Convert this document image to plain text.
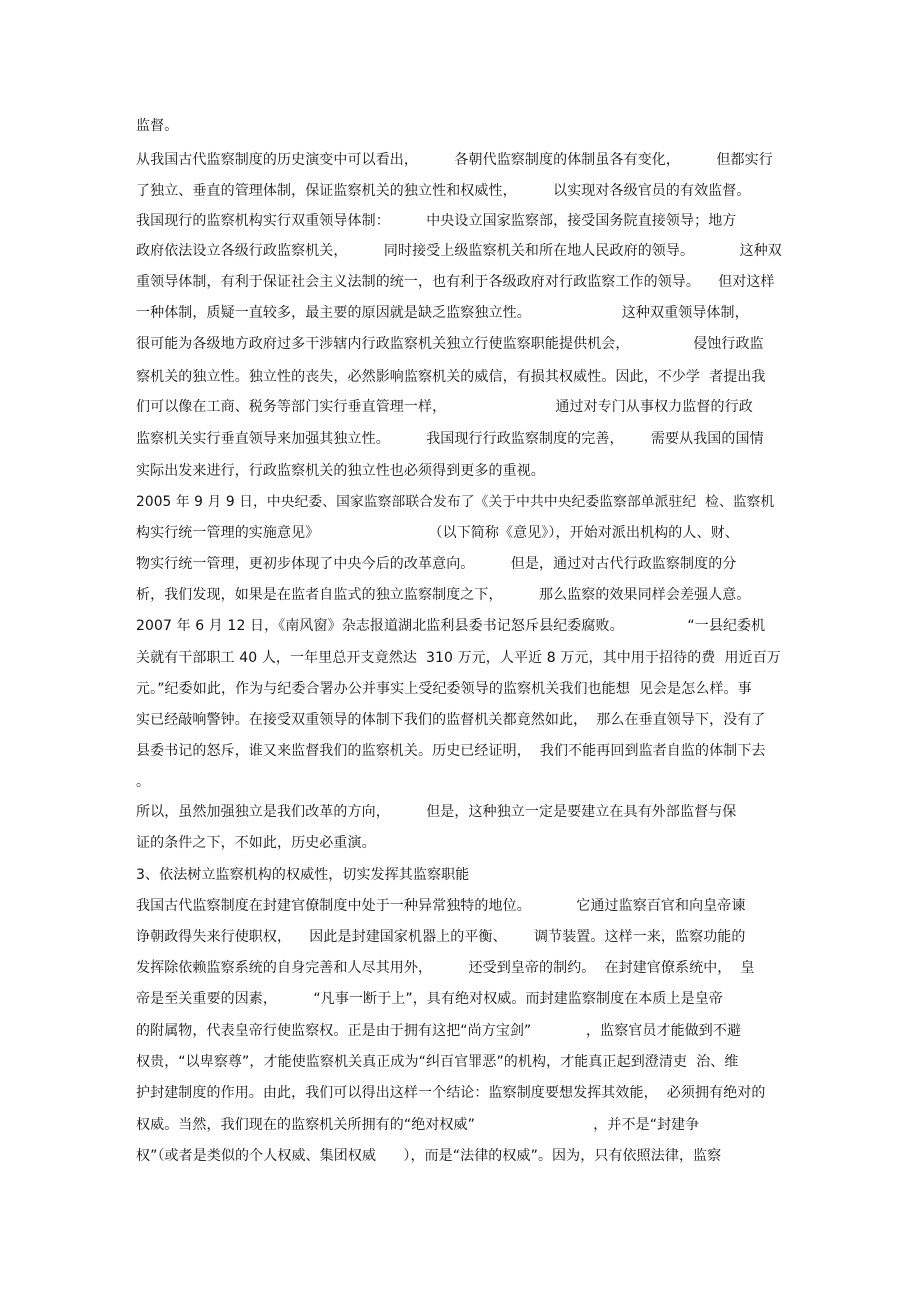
监督。
从我国古代监察制度的历史演变中可以看出，        各朝代监察制度的体制虽各有变化，        但都实行
了独立、垂直的管理体制，保证监察机关的独立性和权威性，        以实现对各级官员的有效监督。
我国现行的监察机构实行双重领导体制：        中央设立国家监察部，接受国务院直接领导；地方
政府依法设立各级行政监察机关，        同时接受上级监察机关和所在地人民政府的领导。          这种双
重领导体制，有利于保证社会主义法制的统一，也有利于各级政府对行政监察工作的领导。    但对这样
一种体制，质疑一直较多，最主要的原因就是缺乏监察独立性。                    这种双重领导体制，
很可能为各级地方政府过多干涉辖内行政监察机关独立行使监察职能提供机会，              侵蚀行政监
察机关的独立性。独立性的丧失，必然影响监察机关的威信，有损其权威性。因此，不少学  者提出我
们可以像在工商、税务等部门实行垂直管理一样，                        通过对专门从事权力监督的行政
监察机关实行垂直领导来加强其独立性。        我国现行行政监察制度的完善，      需要从我国的国情
实际出发来进行，行政监察机关的独立性也必须得到更多的重视。
2005 年 9 月 9 日，中央纪委、国家监察部联合发布了《关于中共中央纪委监察部单派驻纪  检、监察机
构实行统一管理的实施意见》                        （以下简称《意见》），开始对派出机构的人、财、
物实行统一管理，更初步体现了中央今后的改革意向。        但是，通过对古代行政监察制度的分
析，我们发现，如果是在监者自监式的独立监察制度之下，        那么监察的效果同样会差强人意。
2007 年 6 月 12 日，《南风窗》杂志报道湖北监利县委书记怒斥县纪委腐败。              “一县纪委机
关就有干部职工 40 人，一年里总开支竟然达  310 万元，人平近 8 万元，其中用于招待的费  用近百万
元。”纪委如此，作为与纪委合署办公并事实上受纪委领导的监察机关我们也能想  见会是怎么样。事
实已经敲响警钟。在接受双重领导的体制下我们的监督机关都竟然如此，  那么在垂直领导下，没有了
县委书记的怒斥，谁又来监督我们的监察机关。历史已经证明，  我们不能再回到监者自监的体制下去
。
所以，虽然加强独立是我们改革的方向，        但是，这种独立一定是要建立在具有外部监督与保
证的条件之下，不如此，历史必重演。
3、依法树立监察机构的权威性，切实发挥其监察职能
我国古代监察制度在封建官僚制度中处于一种异常独特的地位。          它通过监察百官和向皇帝谏
诤朝政得失来行使职权，    因此是封建国家机器上的平衡、      调节装置。这样一来，监察功能的
发挥除依赖监察系统的自身完善和人尽其用外，        还受到皇帝的制约。  在封建官僚系统中，  皇
帝是至关重要的因素，        “凡事一断于上”，具有绝对权威。而封建监察制度在本质上是皇帝
的附属物，代表皇帝行使监察权。正是由于拥有这把“尚方宝剑”            ，监察官员才能做到不避
权贵，“以卑察尊”，才能使监察机关真正成为“纠百官罪恶”的机构，才能真正起到澄清吏  治、维
护封建制度的作用。由此，我们可以得出这样一个结论：监察制度要想发挥其效能，  必须拥有绝对的
权威。当然，我们现在的监察机关所拥有的“绝对权威”                          ，并不是“封建争
权”（或者是类似的个人权威、集团权威      ），而是“法律的权威”。因为，只有依照法律，监察
